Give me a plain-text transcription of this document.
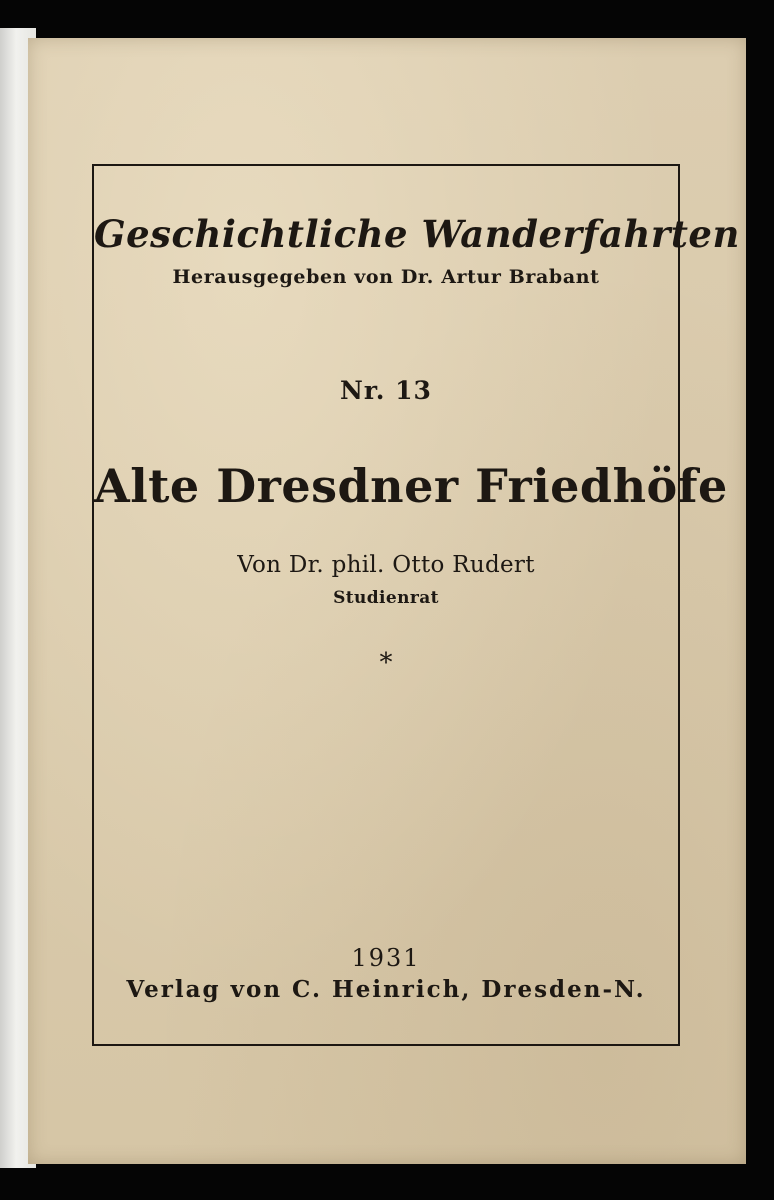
Geschichtliche Wanderfahrten
Herausgegeben von Dr. Artur Brabant
Nr. 13
Alte Dresdner Friedhöfe
Von Dr. phil. Otto Rudert
Studienrat
*
1931
Verlag von C. Heinrich, Dresden-N.
